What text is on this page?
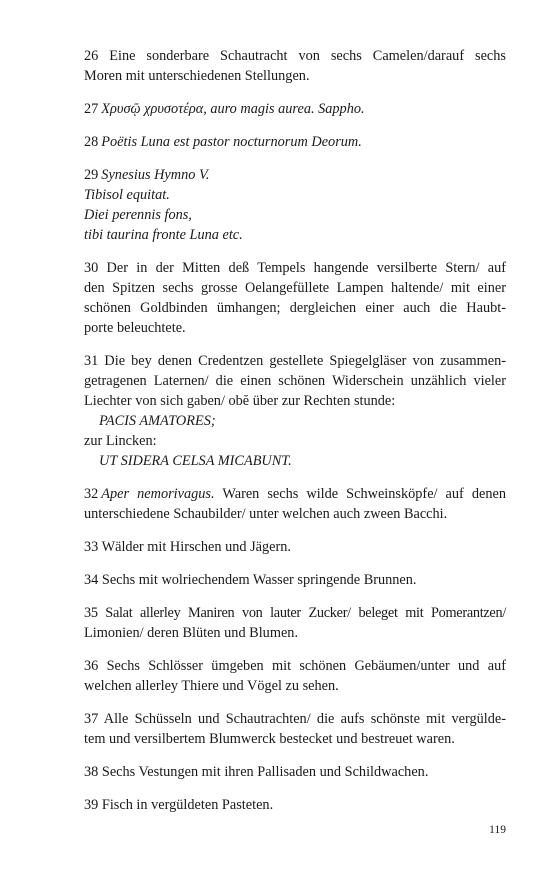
26 Eine sonderbare Schautracht von sechs Camelen/darauf sechs
Moren mit unterschiedenen Stellungen.

27 Χρυσῷ χρυσοτέρα, auro magis aurea. Sappho.

28 Poëtis Luna est pastor nocturnorum Deorum.

29 Synesius Hymno V.
Tibisol equitat.
Diei perennis fons,
tibi taurina fronte Luna etc.

30 Der in der Mitten deß Tempels hangende versilberte Stern/ auf
den Spitzen sechs grosse Oelangefüllete Lampen haltende/ mit einer
schönen Goldbinden ümhangen; dergleichen einer auch die Haubt-
porte beleuchtete.

31 Die bey denen Credentzen gestellete Spiegelgläser von zusammen-
getragenen Laternen/ die einen schönen Widerschein unzählich vieler
Liechter von sich gaben/ obĕ über zur Rechten stunde:
PACIS AMATORES;
zur Lincken:
UT SIDERA CELSA MICABUNT.

32 Aper nemorivagus. Waren sechs wilde Schweinsköpfe/ auf denen
unterschiedene Schaubilder/ unter welchen auch zween Bacchi.

33 Wälder mit Hirschen und Jägern.

34 Sechs mit wolriechendem Wasser springende Brunnen.

35 Salat allerley Maniren von lauter Zucker/ beleget mit Pomerantzen/
Limonien/ deren Blüten und Blumen.

36 Sechs Schlösser ümgeben mit schönen Gebäumen/unter und auf
welchen allerley Thiere und Vögel zu sehen.

37 Alle Schüsseln und Schautrachten/ die aufs schönste mit vergülde-
tem und versilbertem Blumwerck bestecket und bestreuet waren.

38 Sechs Vestungen mit ihren Pallisaden und Schildwachen.

39 Fisch in vergüldeten Pasteten.

119
